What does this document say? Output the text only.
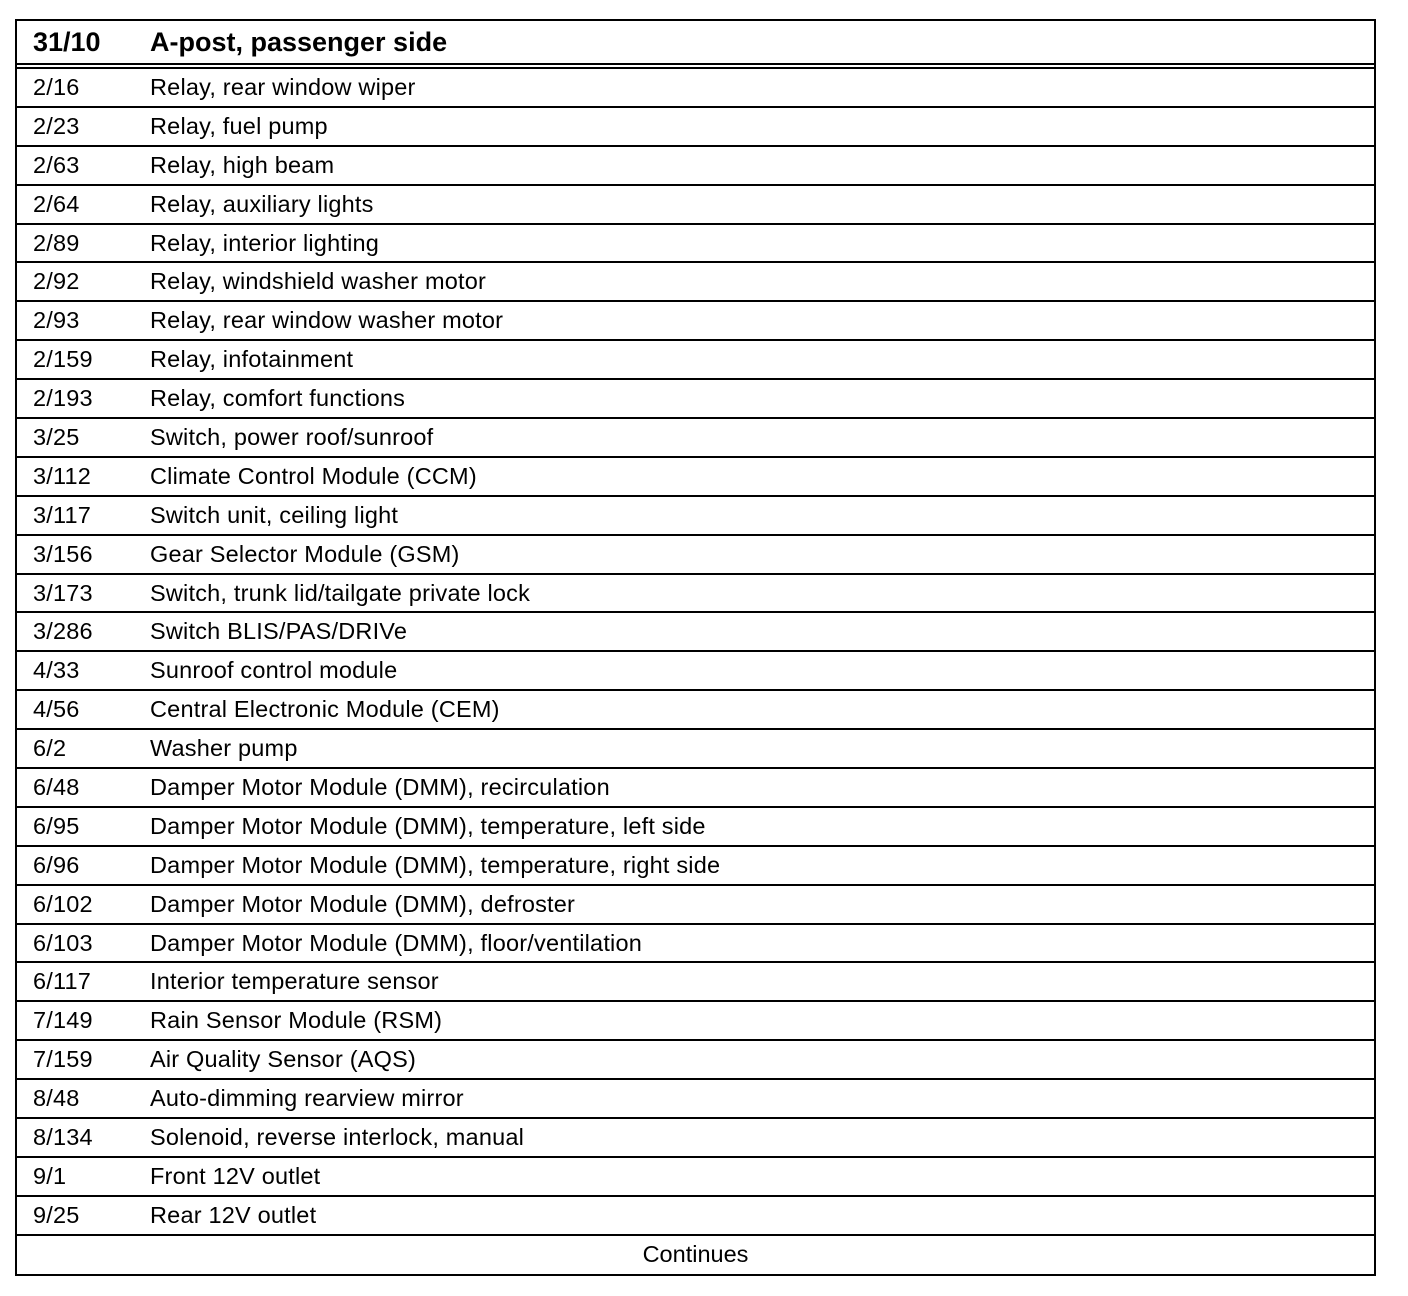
31/10	A-post, passenger side
2/16	Relay, rear window wiper
2/23	Relay, fuel pump
2/63	Relay, high beam
2/64	Relay, auxiliary lights
2/89	Relay, interior lighting
2/92	Relay, windshield washer motor
2/93	Relay, rear window washer motor
2/159	Relay, infotainment
2/193	Relay, comfort functions
3/25	Switch, power roof/sunroof
3/112	Climate Control Module (CCM)
3/117	Switch unit, ceiling light
3/156	Gear Selector Module (GSM)
3/173	Switch, trunk lid/tailgate private lock
3/286	Switch BLIS/PAS/DRIVe
4/33	Sunroof control module
4/56	Central Electronic Module (CEM)
6/2	Washer pump
6/48	Damper Motor Module (DMM), recirculation
6/95	Damper Motor Module (DMM), temperature, left side
6/96	Damper Motor Module (DMM), temperature, right side
6/102	Damper Motor Module (DMM), defroster
6/103	Damper Motor Module (DMM), floor/ventilation
6/117	Interior temperature sensor
7/149	Rain Sensor Module (RSM)
7/159	Air Quality Sensor (AQS)
8/48	Auto-dimming rearview mirror
8/134	Solenoid, reverse interlock, manual
9/1	Front 12V outlet
9/25	Rear 12V outlet
Continues
